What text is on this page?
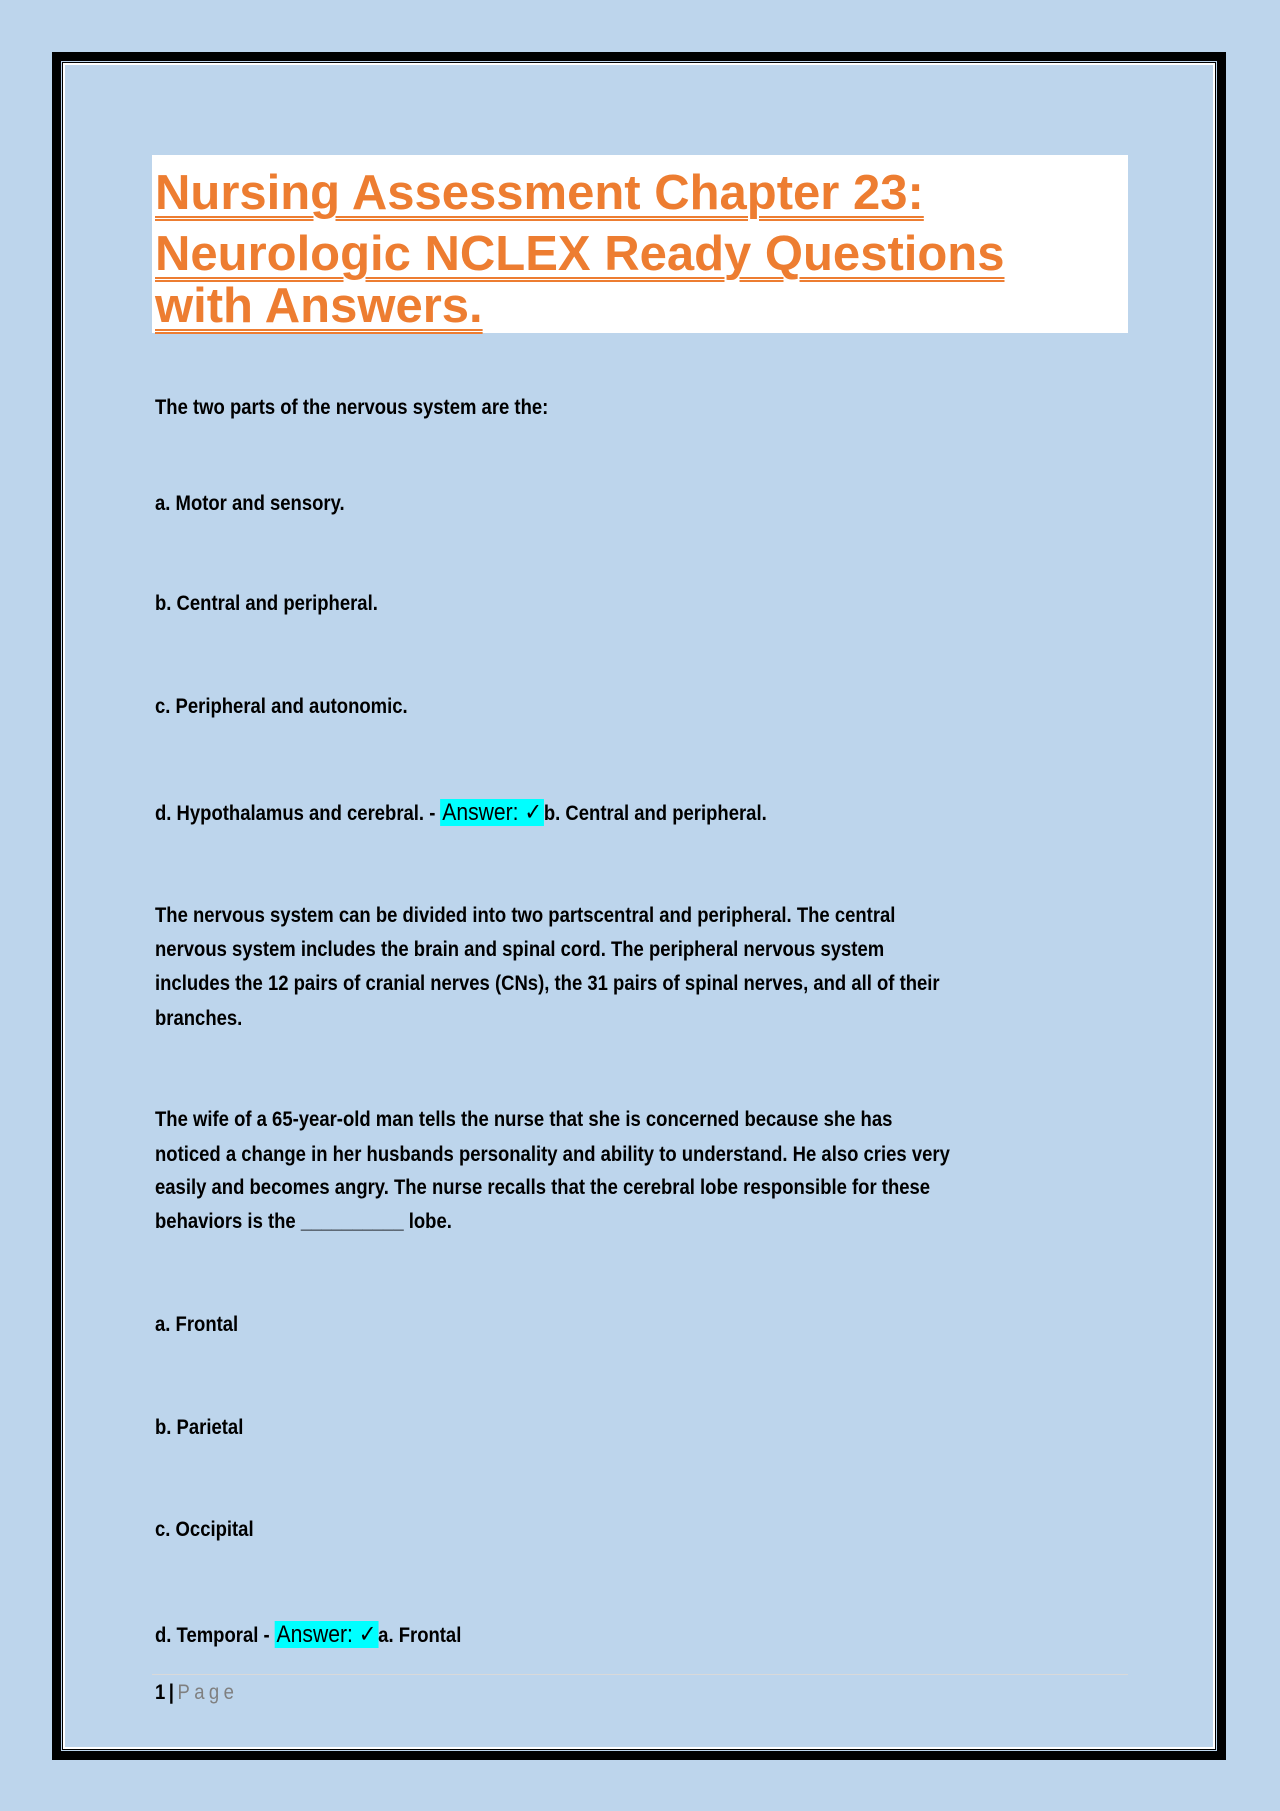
Nursing Assessment Chapter 23:
Neurologic NCLEX Ready Questions
with Answers.
The two parts of the nervous system are the:
a. Motor and sensory.
b. Central and peripheral.
c. Peripheral and autonomic.
d. Hypothalamus and cerebral. - Answer: ✓b. Central and peripheral.
The nervous system can be divided into two partscentral and peripheral. The central
nervous system includes the brain and spinal cord. The peripheral nervous system
includes the 12 pairs of cranial nerves (CNs), the 31 pairs of spinal nerves, and all of their
branches.
The wife of a 65-year-old man tells the nurse that she is concerned because she has
noticed a change in her husbands personality and ability to understand. He also cries very
easily and becomes angry. The nurse recalls that the cerebral lobe responsible for these
behaviors is the __________ lobe.
a. Frontal
b. Parietal
c. Occipital
d. Temporal - Answer: ✓a. Frontal
1 | Page
